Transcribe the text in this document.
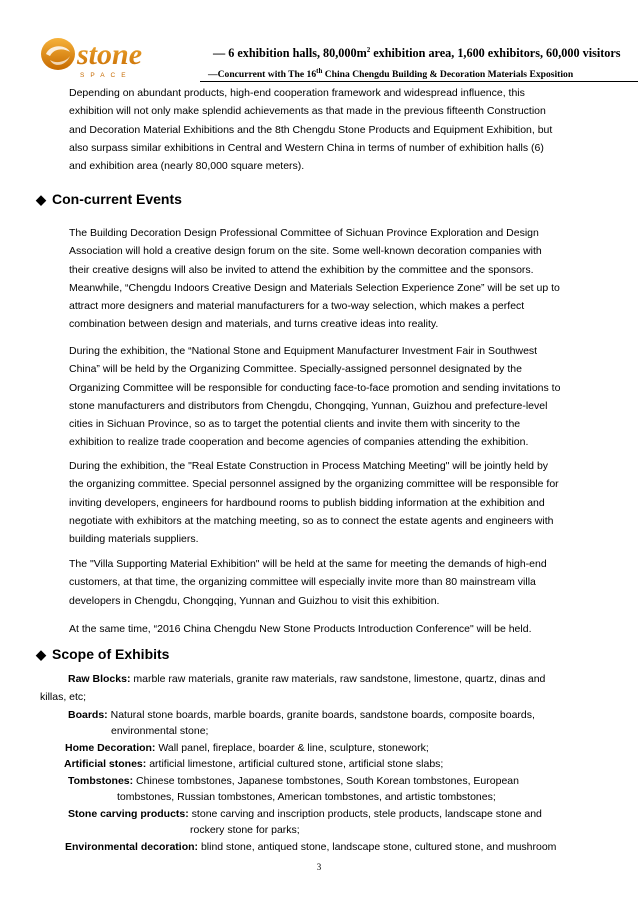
stone
SPACE
— 6 exhibition halls, $80,000m^2$ exhibition area, 1,600 exhibitors, 60,000 visitors
—Concurrent with The 16th China Chengdu Building & Decoration Materials Exposition
Depending on abundant products, high-end cooperation framework and widespread influence, this
exhibition will not only make splendid achievements as that made in the previous fifteenth Construction
and Decoration Material Exhibitions and the 8th Chengdu Stone Products and Equipment Exhibition, but
also surpass similar exhibitions in Central and Western China in terms of number of exhibition halls (6)
and exhibition area (nearly 80,000 square meters).
◆ Con-current Events
The Building Decoration Design Professional Committee of Sichuan Province Exploration and Design
Association will hold a creative design forum on the site. Some well-known decoration companies with
their creative designs will also be invited to attend the exhibition by the committee and the sponsors.
Meanwhile, “Chengdu Indoors Creative Design and Materials Selection Experience Zone” will be set up to
attract more designers and material manufacturers for a two-way selection, which makes a perfect
combination between design and materials, and turns creative ideas into reality.
During the exhibition, the “National Stone and Equipment Manufacturer Investment Fair in Southwest
China” will be held by the Organizing Committee. Specially-assigned personnel designated by the
Organizing Committee will be responsible for conducting face-to-face promotion and sending invitations to
stone manufacturers and distributors from Chengdu, Chongqing, Yunnan, Guizhou and prefecture-level
cities in Sichuan Province, so as to target the potential clients and invite them with sincerity to the
exhibition to realize trade cooperation and become agencies of companies attending the exhibition.
During the exhibition, the "Real Estate Construction in Process Matching Meeting" will be jointly held by
the organizing committee. Special personnel assigned by the organizing committee will be responsible for
inviting developers, engineers for hardbound rooms to publish bidding information at the exhibition and
negotiate with exhibitors at the matching meeting, so as to connect the estate agents and engineers with
building materials suppliers.
The "Villa Supporting Material Exhibition" will be held at the same for meeting the demands of high-end
customers, at that time, the organizing committee will especially invite more than 80 mainstream villa
developers in Chengdu, Chongqing, Yunnan and Guizhou to visit this exhibition.
At the same time, “2016 China Chengdu New Stone Products Introduction Conference" will be held.
◆ Scope of Exhibits
Raw Blocks: marble raw materials, granite raw materials, raw sandstone, limestone, quartz, dinas and
killas, etc;
Boards: Natural stone boards, marble boards, granite boards, sandstone boards, composite boards,
environmental stone;
Home Decoration: Wall panel, fireplace, boarder & line, sculpture, stonework;
Artificial stones: artificial limestone, artificial cultured stone, artificial stone slabs;
Tombstones: Chinese tombstones, Japanese tombstones, South Korean tombstones, European
tombstones, Russian tombstones, American tombstones, and artistic tombstones;
Stone carving products: stone carving and inscription products, stele products, landscape stone and
rockery stone for parks;
Environmental decoration: blind stone, antiqued stone, landscape stone, cultured stone, and mushroom
3
